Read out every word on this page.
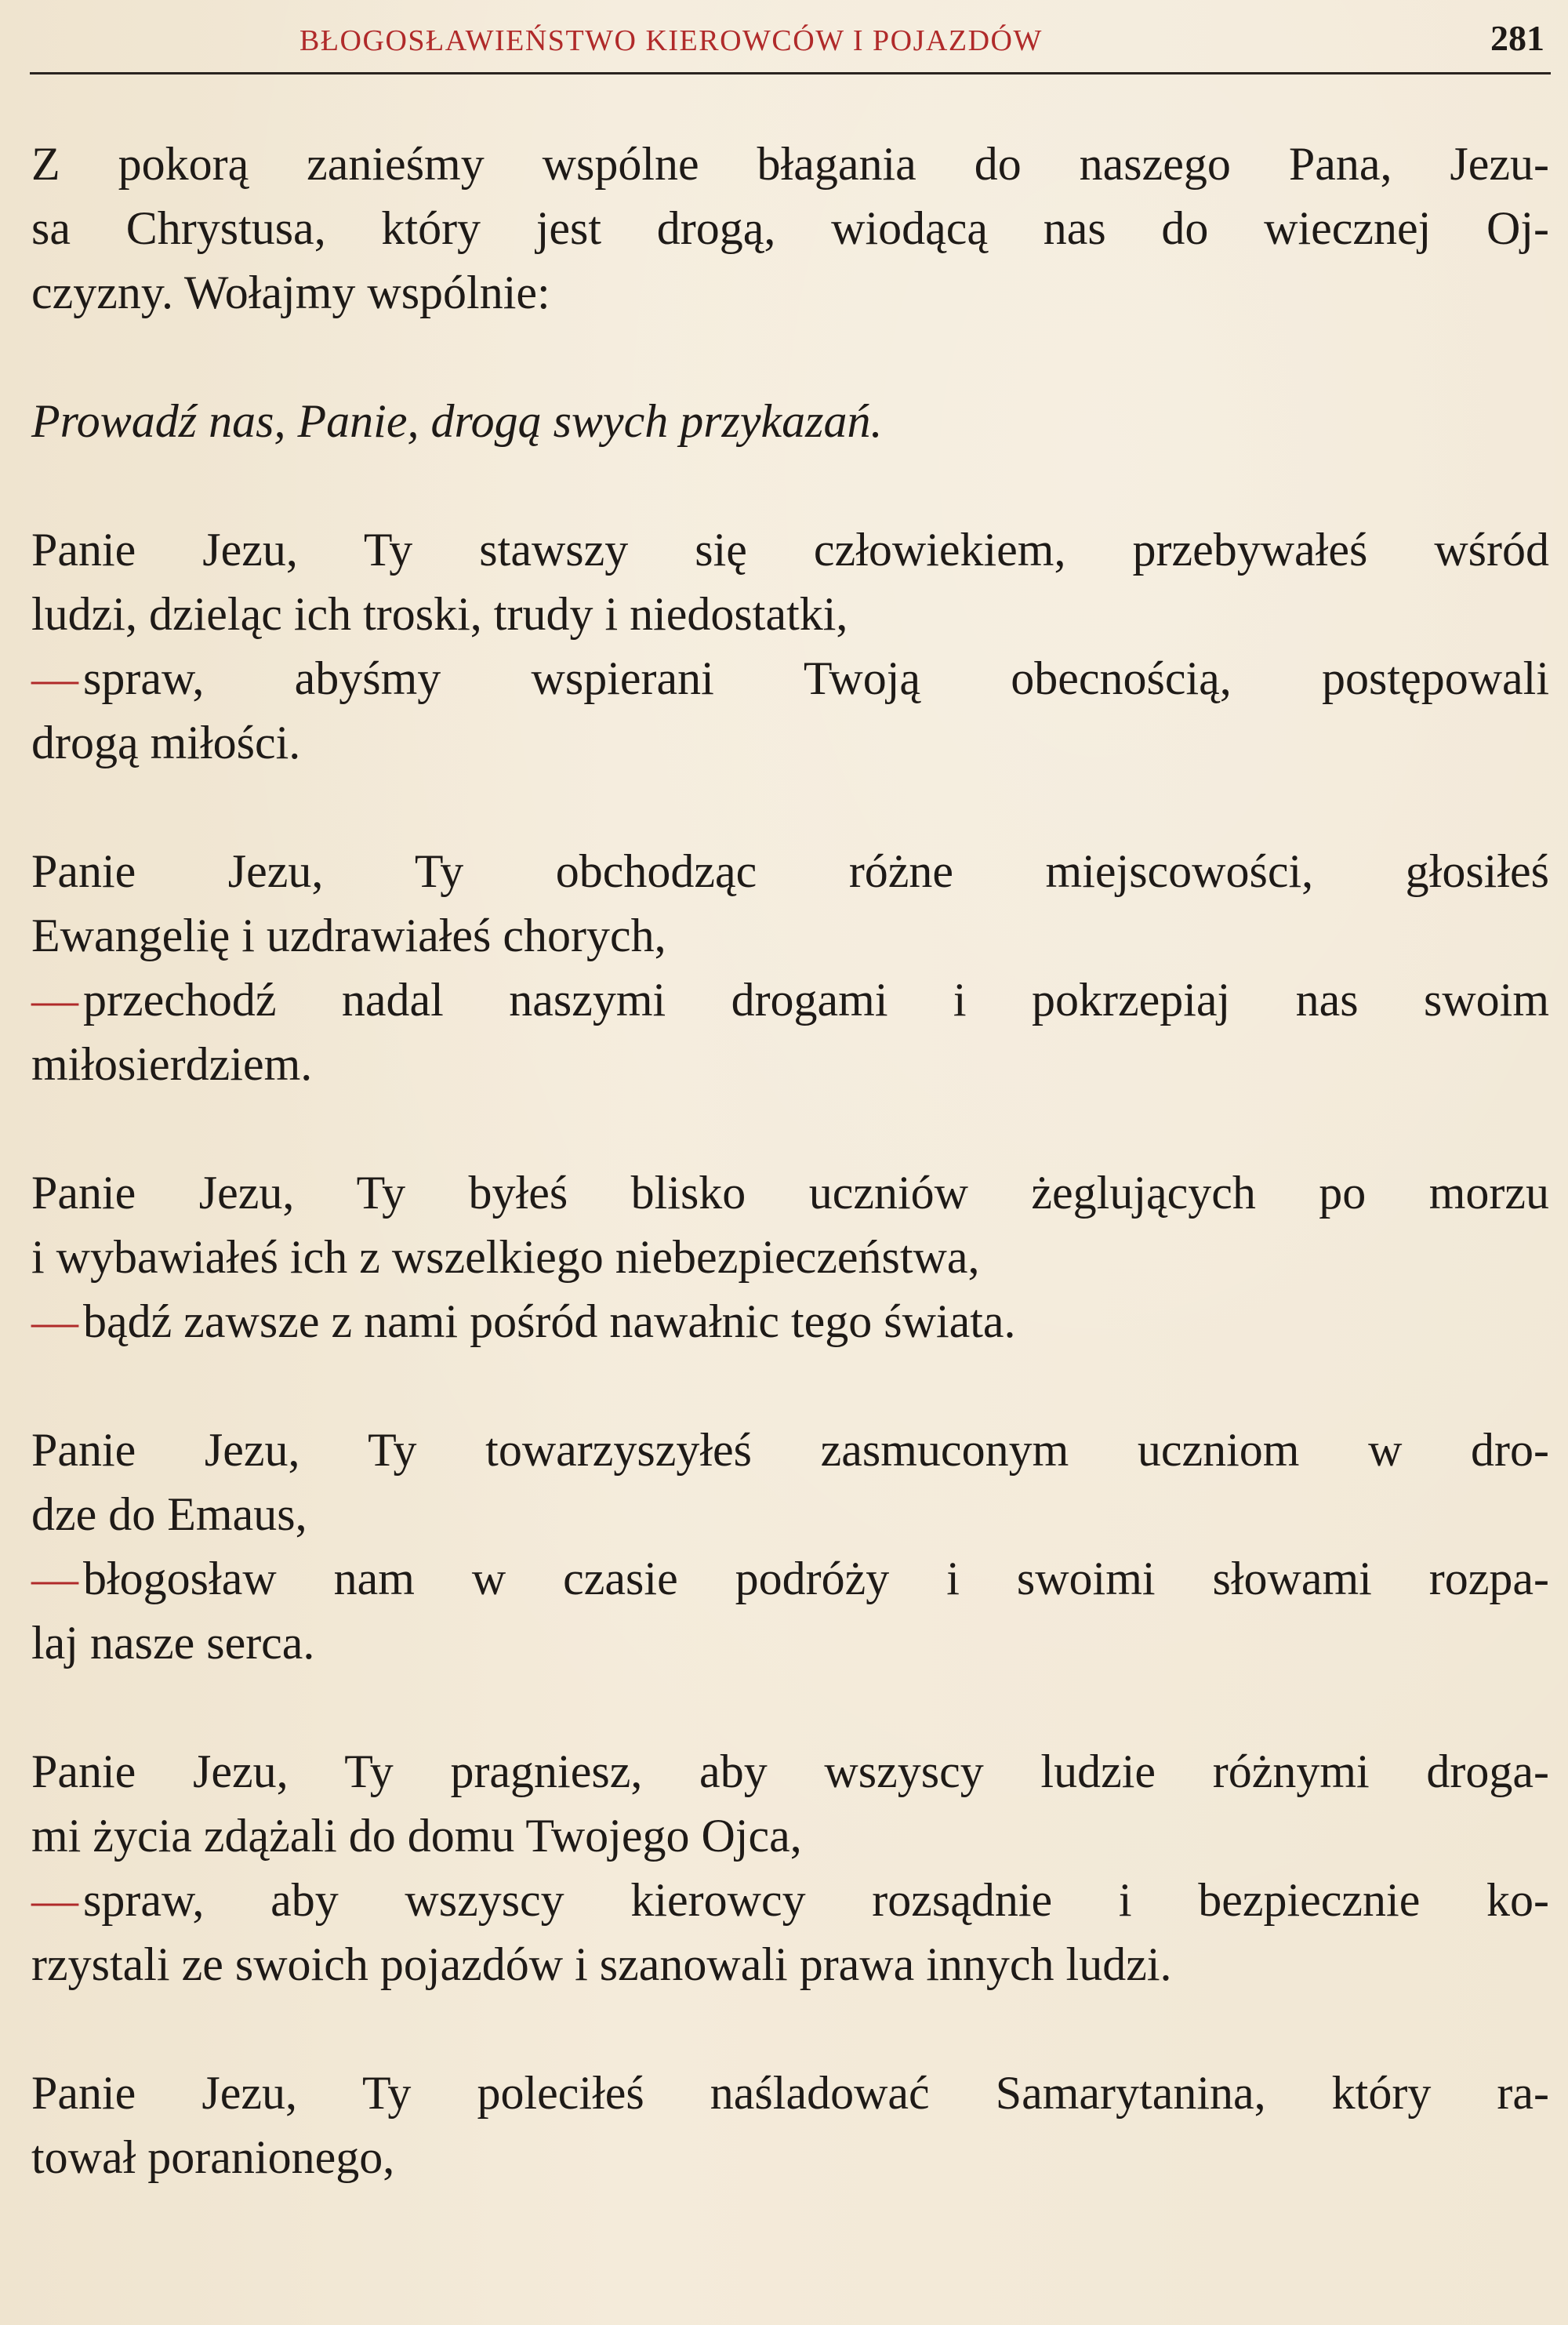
BŁOGOSŁAWIEŃSTWO KIEROWCÓW I POJAZDÓW	281

Z pokorą zanieśmy wspólne błagania do naszego Pana, Jezu-
sa Chrystusa, który jest drogą, wiodącą nas do wiecznej Oj-
czyzny. Wołajmy wspólnie:

Prowadź nas, Panie, drogą swych przykazań.

Panie Jezu, Ty stawszy się człowiekiem, przebywałeś wśród
ludzi, dzieląc ich troski, trudy i niedostatki,
— spraw, abyśmy wspierani Twoją obecnością, postępowali
drogą miłości.

Panie Jezu, Ty obchodząc różne miejscowości, głosiłeś
Ewangelię i uzdrawiałeś chorych,
— przechodź nadal naszymi drogami i pokrzepiaj nas swoim
miłosierdziem.

Panie Jezu, Ty byłeś blisko uczniów żeglujących po morzu
i wybawiałeś ich z wszelkiego niebezpieczeństwa,
— bądź zawsze z nami pośród nawałnic tego świata.

Panie Jezu, Ty towarzyszyłeś zasmuconym uczniom w dro-
dze do Emaus,
— błogosław nam w czasie podróży i swoimi słowami rozpa-
laj nasze serca.

Panie Jezu, Ty pragniesz, aby wszyscy ludzie różnymi droga-
mi życia zdążali do domu Twojego Ojca,
— spraw, aby wszyscy kierowcy rozsądnie i bezpiecznie ko-
rzystali ze swoich pojazdów i szanowali prawa innych ludzi.

Panie Jezu, Ty poleciłeś naśladować Samarytanina, który ra-
tował poranionego,
